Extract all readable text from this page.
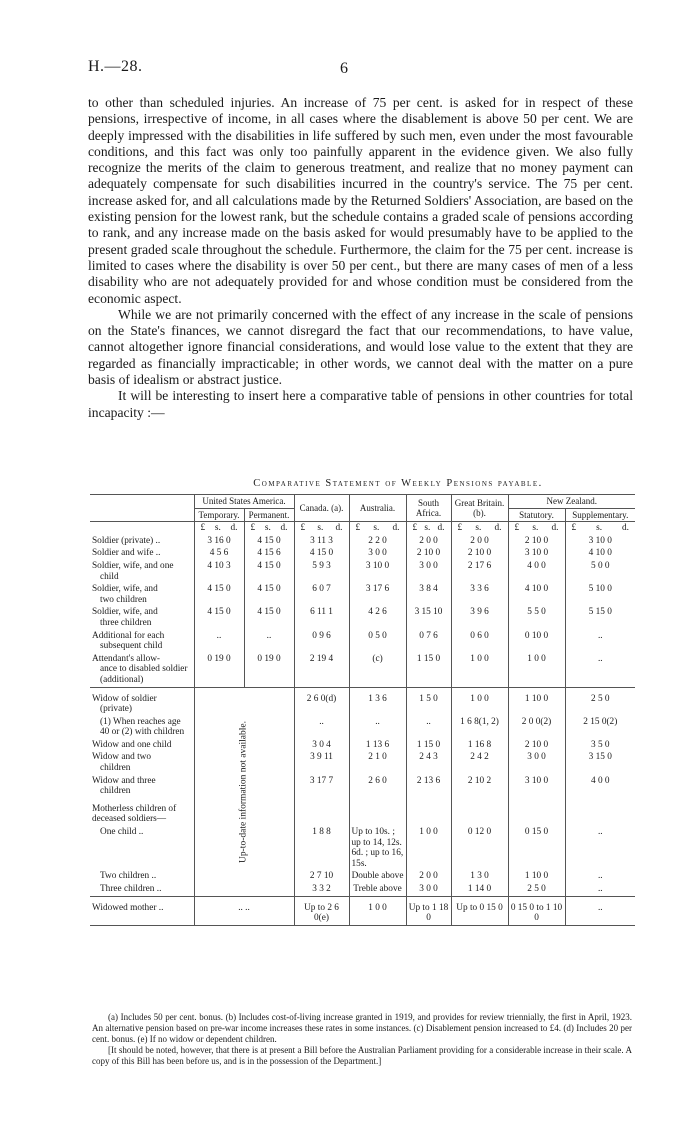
H.—28.	6

to other than scheduled injuries. An increase of 75 per cent. is asked for in respect of these pensions, irrespective of income, in all cases where the disablement is above 50 per cent. We are deeply impressed with the disabilities in life suffered by such men, even under the most favourable conditions, and this fact was only too painfully apparent in the evidence given. We also fully recognize the merits of the claim to generous treatment, and realize that no money payment can adequately compensate for such disabilities incurred in the country's service. The 75 per cent. increase asked for, and all calculations made by the Returned Soldiers' Association, are based on the existing pension for the lowest rank, but the schedule contains a graded scale of pensions according to rank, and any increase made on the basis asked for would presumably have to be applied to the present graded scale throughout the schedule. Furthermore, the claim for the 75 per cent. increase is limited to cases where the disability is over 50 per cent., but there are many cases of men of a less disability who are not adequately provided for and whose condition must be considered from the economic aspect.

While we are not primarily concerned with the effect of any increase in the scale of pensions on the State's finances, we cannot disregard the fact that our recommendations, to have value, cannot altogether ignore financial considerations, and would lose value to the extent that they are regarded as financially impracticable; in other words, we cannot deal with the matter on a pure basis of idealism or abstract justice.

It will be interesting to insert here a comparative table of pensions in other countries for total incapacity :—

Comparative Statement of Weekly Pensions payable.
	United States America.		Canada. (a).	Australia.	South Africa.	Great Britain. (b).	New Zealand.	
	Temporary.	Permanent.					Statutory.	Supplementary.

	£ s. d.	£ s. d.	£ s. d.	£ s. d.	£ s. d.	£ s. d.	£ s. d.	£ s. d.

Soldier (private) ..	3 16 0	4 15 0	3 11 3	2 2 0	2 0 0	2 0 0	2 10 0	3 10 0
Soldier and wife ..	4 5 6	4 15 6	4 15 0	3 0 0	2 10 0	2 10 0	3 10 0	4 10 0
Soldier, wife, and one
child	4 10 3	4 15 0	5 9 3	3 10 0	3 0 0	2 17 6	4 0 0	5 0 0
Soldier, wife, and
two children	4 15 0	4 15 0	6 0 7	3 17 6	3 8 4	3 3 6	4 10 0	5 10 0
Soldier, wife, and
three children	4 15 0	4 15 0	6 11 1	4 2 6	3 15 10	3 9 6	5 5 0	5 15 0
Additional for each
subsequent child	..	..	0 9 6	0 5 0	0 7 6	0 6 0	0 10 0	..
Attendant's allow-
ance to disabled soldier (additional)	0 19 0	0 19 0	2 19 4	(c)	1 15 0	1 0 0	1 0 0	..
Widow of soldier
(private)	Up-to-date information not available.		2 6 0(d)	1 3 6	1 5 0	1 0 0	1 10 0	2 5 0

(1) When reaches age 40 or (2) with children			..	..	..	1 6 8(1, 2)	2 0 0(2)	2 15 0(2)
Widow and one child			3 0 4	1 13 6	1 15 0	1 16 8	2 10 0	3 5 0
Widow and two
children			3 9 11	2 1 0	2 4 3	2 4 2	3 0 0	3 15 0
Widow and three
children			3 17 7	2 6 0	2 13 6	2 10 2	3 10 0	4 0 0
Motherless children of deceased soldiers—								

One child ..			1 8 8	Up to 10s. ; up to 14, 12s. 6d. ; up to 16, 15s.	1 0 0	0 12 0	0 15 0	..

Two children ..			2 7 10	Double above	2 0 0	1 3 0	1 10 0	..

Three children ..			3 3 2	Treble above	3 0 0	1 14 0	2 5 0	..
Widowed mother ..	.. ..		Up to 2 6 0(e)	1 0 0	Up to 1 18 0	Up to 0 15 0	0 15 0 to 1 10 0	..

(a) Includes 50 per cent. bonus. (b) Includes cost-of-living increase granted in 1919, and provides for review triennially, the first in April, 1923. An alternative pension based on pre-war income increases these rates in some instances. (c) Disablement pension increased to £4. (d) Includes 20 per cent. bonus. (e) If no widow or dependent children.

[It should be noted, however, that there is at present a Bill before the Australian Parliament providing for a considerable increase in their scale. A copy of this Bill has been before us, and is in the possession of the Department.]
